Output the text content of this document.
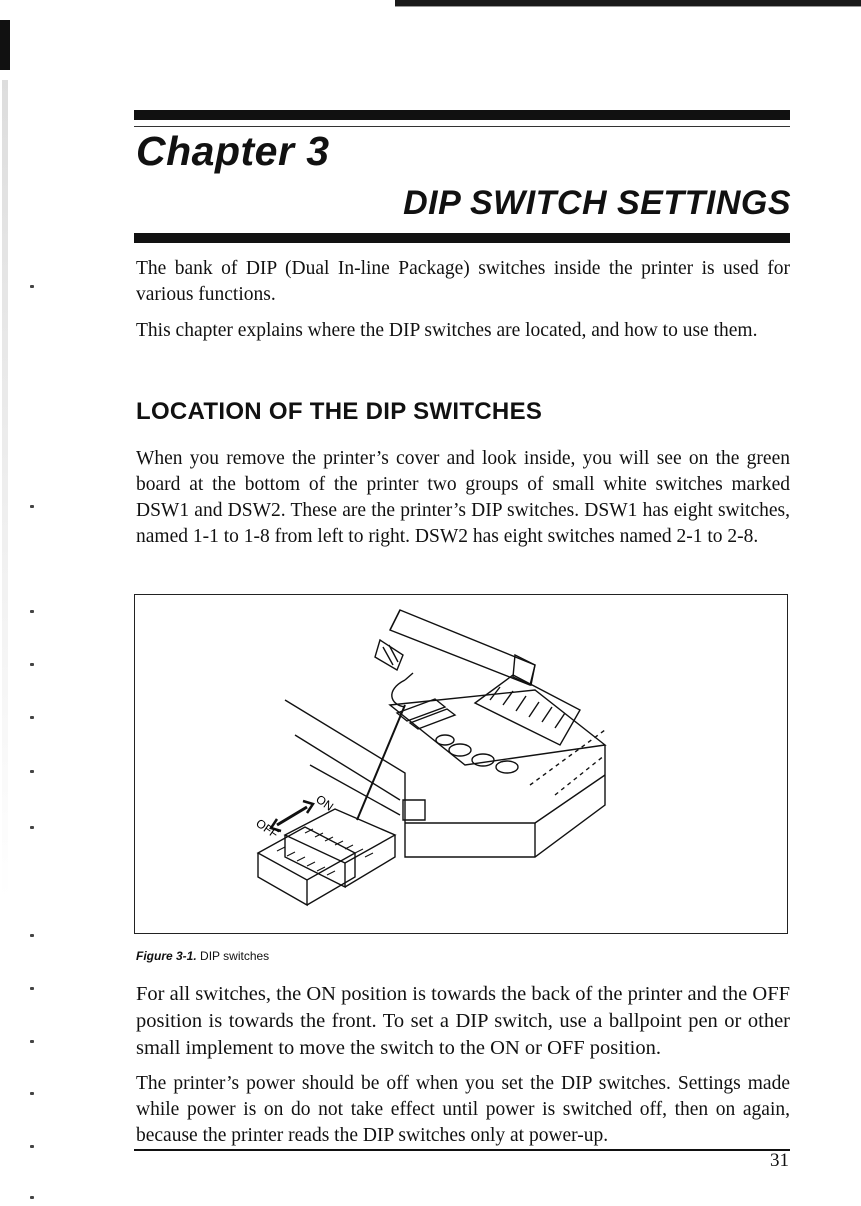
Chapter 3
DIP SWITCH SETTINGS

The bank of DIP (Dual In-line Package) switches inside the printer is used for various functions.

This chapter explains where the DIP switches are located, and how to use them.

LOCATION OF THE DIP SWITCHES

When you remove the printer’s cover and look inside, you will see on the green board at the bottom of the printer two groups of small white switches marked DSW1 and DSW2. These are the printer’s DIP switches. DSW1 has eight switches, named 1-1 to 1-8 from left to right. DSW2 has eight switches named 2-1 to 2-8.

ON
OFF

Figure 3-1. DIP switches

For all switches, the ON position is towards the back of the printer and the OFF position is towards the front. To set a DIP switch, use a ballpoint pen or other small implement to move the switch to the ON or OFF position.

The printer’s power should be off when you set the DIP switches. Settings made while power is on do not take effect until power is switched off, then on again, because the printer reads the DIP switches only at power-up.

31
